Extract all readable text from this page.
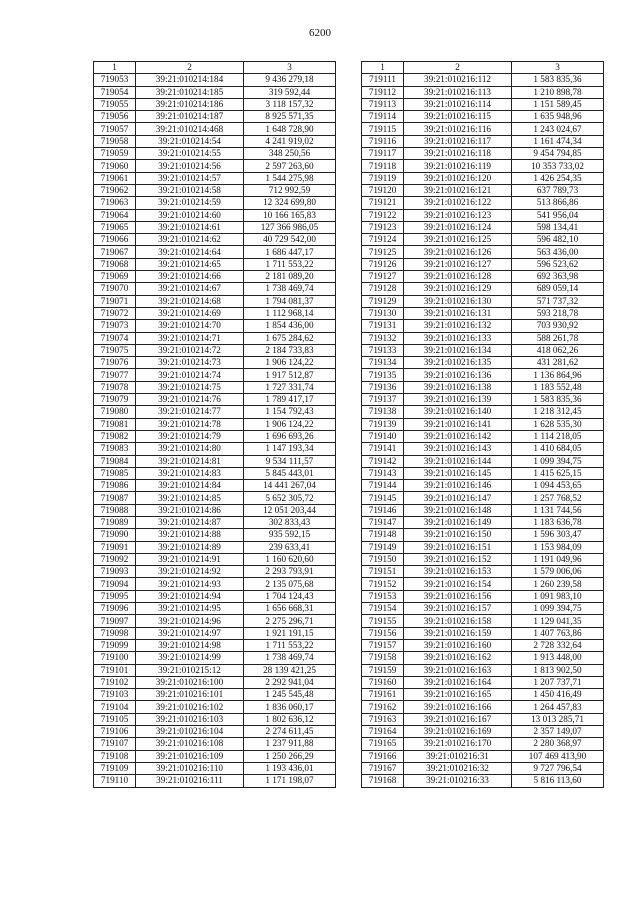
6200
1	2	3
719053	39:21:010214:184	9 436 279,18
719054	39:21:010214:185	319 592,44
719055	39:21:010214:186	3 118 157,32
719056	39:21:010214:187	8 925 571,35
719057	39:21:010214:468	1 648 728,90
719058	39:21:010214:54	4 241 919,02
719059	39:21:010214:55	348 250,56
719060	39:21:010214:56	2 597 263,60
719061	39:21:010214:57	1 544 275,98
719062	39:21:010214:58	712 992,59
719063	39:21:010214:59	12 324 699,80
719064	39:21:010214:60	10 166 165,83
719065	39:21:010214:61	127 366 986,05
719066	39:21:010214:62	40 729 542,00
719067	39:21:010214:64	1 686 447,17
719068	39:21:010214:65	1 711 553,22
719069	39:21:010214:66	2 181 089,20
719070	39:21:010214:67	1 738 469,74
719071	39:21:010214:68	1 794 081,37
719072	39:21:010214:69	1 112 968,14
719073	39:21:010214:70	1 854 436,00
719074	39:21:010214:71	1 675 284,62
719075	39:21:010214:72	2 184 733,83
719076	39:21:010214:73	1 906 124,22
719077	39:21:010214:74	1 917 512,87
719078	39:21:010214:75	1 727 331,74
719079	39:21:010214:76	1 789 417,17
719080	39:21:010214:77	1 154 792,43
719081	39:21:010214:78	1 906 124,22
719082	39:21:010214:79	1 696 693,26
719083	39:21:010214:80	1 147 193,34
719084	39:21:010214:81	9 534 111,57
719085	39:21:010214:83	5 845 443,01
719086	39:21:010214:84	14 441 267,04
719087	39:21:010214:85	5 652 305,72
719088	39:21:010214:86	12 051 203,44
719089	39:21:010214:87	302 833,43
719090	39:21:010214:88	935 592,15
719091	39:21:010214:89	239 633,41
719092	39:21:010214:91	1 160 620,60
719093	39:21:010214:92	2 293 793,91
719094	39:21:010214:93	2 135 075,68
719095	39:21:010214:94	1 704 124,43
719096	39:21:010214:95	1 656 668,31
719097	39:21:010214:96	2 275 296,71
719098	39:21:010214:97	1 921 191,15
719099	39:21:010214:98	1 711 553,22
719100	39:21:010214:99	1 738 469,74
719101	39:21:010215:12	28 139 421,25
719102	39:21:010216:100	2 292 941,04
719103	39:21:010216:101	1 245 545,48
719104	39:21:010216:102	1 836 060,17
719105	39:21:010216:103	1 802 636,12
719106	39:21:010216:104	2 274 611,45
719107	39:21:010216:108	1 237 911,88
719108	39:21:010216:109	1 250 266,29
719109	39:21:010216:110	1 193 436,01
719110	39:21:010216:111	1 171 198,07
1	2	3
719111	39:21:010216:112	1 583 835,36
719112	39:21:010216:113	1 210 898,78
719113	39:21:010216:114	1 151 589,45
719114	39:21:010216:115	1 635 948,96
719115	39:21:010216:116	1 243 024,67
719116	39:21:010216:117	1 161 474,34
719117	39:21:010216:118	9 454 794,85
719118	39:21:010216:119	10 353 733,02
719119	39:21:010216:120	1 426 254,35
719120	39:21:010216:121	637 789,73
719121	39:21:010216:122	513 866,86
719122	39:21:010216:123	541 956,04
719123	39:21:010216:124	598 134,41
719124	39:21:010216:125	596 482,10
719125	39:21:010216:126	563 436,00
719126	39:21:010216:127	596 523,62
719127	39:21:010216:128	692 363,98
719128	39:21:010216:129	689 059,14
719129	39:21:010216:130	571 737,32
719130	39:21:010216:131	593 218,78
719131	39:21:010216:132	703 930,92
719132	39:21:010216:133	588 261,78
719133	39:21:010216:134	418 062,26
719134	39:21:010216:135	431 281,62
719135	39:21:010216:136	1 136 864,96
719136	39:21:010216:138	1 183 552,48
719137	39:21:010216:139	1 583 835,36
719138	39:21:010216:140	1 218 312,45
719139	39:21:010216:141	1 628 535,30
719140	39:21:010216:142	1 114 218,05
719141	39:21:010216:143	1 410 684,05
719142	39:21:010216:144	1 099 394,75
719143	39:21:010216:145	1 415 625,15
719144	39:21:010216:146	1 094 453,65
719145	39:21:010216:147	1 257 768,52
719146	39:21:010216:148	1 131 744,56
719147	39:21:010216:149	1 183 636,78
719148	39:21:010216:150	1 596 303,47
719149	39:21:010216:151	1 153 984,09
719150	39:21:010216:152	1 191 049,96
719151	39:21:010216:153	1 579 006,06
719152	39:21:010216:154	1 260 239,58
719153	39:21:010216:156	1 091 983,10
719154	39:21:010216:157	1 099 394,75
719155	39:21:010216:158	1 129 041,35
719156	39:21:010216:159	1 407 763,86
719157	39:21:010216:160	2 728 332,64
719158	39:21:010216:162	1 913 448,00
719159	39:21:010216:163	1 813 902,50
719160	39:21:010216:164	1 207 737,71
719161	39:21:010216:165	1 450 416,49
719162	39:21:010216:166	1 264 457,83
719163	39:21:010216:167	13 013 285,71
719164	39:21:010216:169	2 357 149,07
719165	39:21:010216:170	2 280 368,97
719166	39:21:010216:31	107 469 413,90
719167	39:21:010216:32	9 727 796,54
719168	39:21:010216:33	5 816 113,60
